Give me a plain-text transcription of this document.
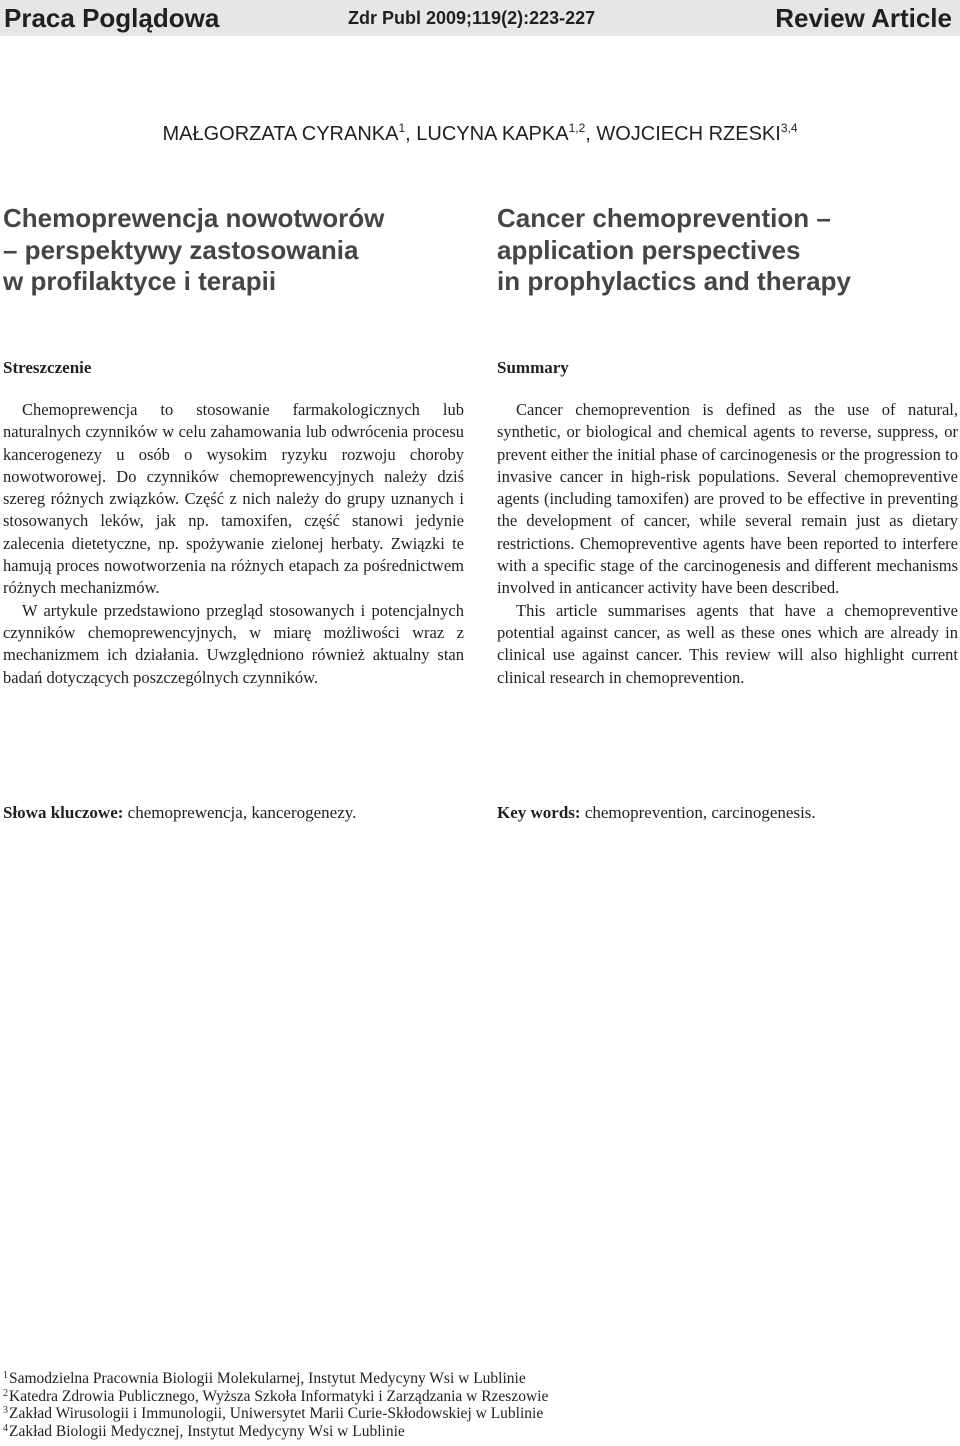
Praca Poglądowa	Zdr Publ 2009;119(2):223-227	Review Article
MAŁGORZATA CYRANKA$^1$, LUCYNA KAPKA$^{1,2}$, WOJCIECH RZESKI$^{3,4}$
Chemoprewencja nowotworów
– perspektywy zastosowania
w profilaktyce i terapii
Cancer chemoprevention –
application perspectives
in prophylactics and therapy
Streszczenie	Summary

Chemoprewencja to stosowanie farmakologicznych lub naturalnych czynników w celu zahamowania lub odwrócenia procesu kancerogenezy u osób o wysokim ryzyku rozwoju choroby nowotworowej. Do czynników chemoprewencyjnych należy dziś szereg różnych związków. Część z nich należy do grupy uznanych i stosowanych leków, jak np. tamoxifen, część stanowi jedynie zalecenia dietetyczne, np. spożywanie zielonej herbaty. Związki te hamują proces nowotworzenia na różnych etapach za pośrednictwem różnych mechanizmów.

W artykule przedstawiono przegląd stosowanych i potencjalnych czynników chemoprewencyjnych, w miarę możliwości wraz z mechanizmem ich działania. Uwzględniono również aktualny stan badań dotyczących poszczególnych czynników.

Cancer chemoprevention is defined as the use of natural, synthetic, or biological and chemical agents to reverse, suppress, or prevent either the initial phase of carcinogenesis or the progression to invasive cancer in high-risk populations. Several chemopreventive agents (including tamoxifen) are proved to be effective in preventing the development of cancer, while several remain just as dietary restrictions. Chemopreventive agents have been reported to interfere with a specific stage of the carcinogenesis and different mechanisms involved in anticancer activity have been described.

This article summarises agents that have a chemopreventive potential against cancer, as well as these ones which are already in clinical use against cancer. This review will also highlight current clinical research in chemoprevention.

Słowa kluczowe: chemoprewencja, kancerogenezy.	Key words: chemoprevention, carcinogenesis.
$^1$Samodzielna Pracownia Biologii Molekularnej, Instytut Medycyny Wsi w Lublinie
$^2$Katedra Zdrowia Publicznego, Wyższa Szkoła Informatyki i Zarządzania w Rzeszowie
$^3$Zakład Wirusologii i Immunologii, Uniwersytet Marii Curie-Skłodowskiej w Lublinie
$^4$Zakład Biologii Medycznej, Instytut Medycyny Wsi w Lublinie
